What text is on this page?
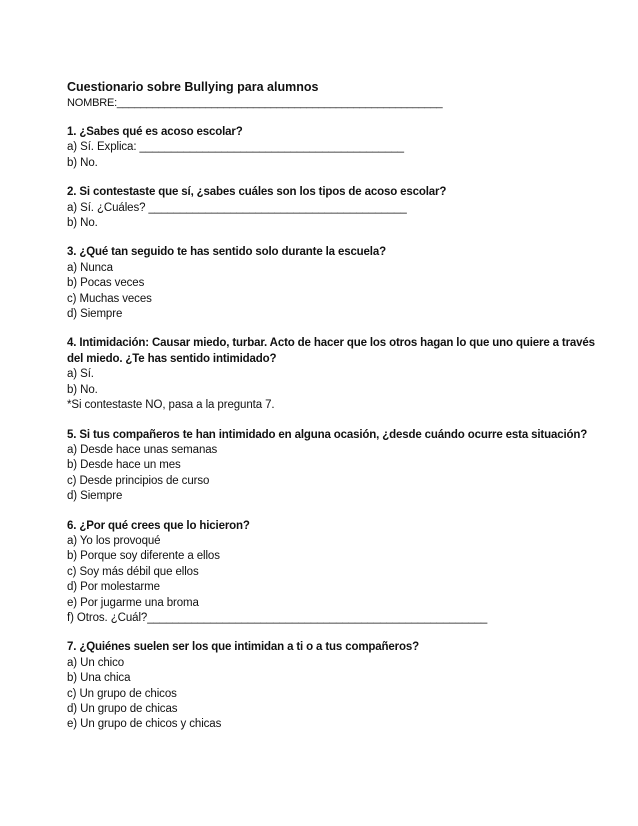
Cuestionario sobre Bullying para alumnos

NOMBRE:_______________________________________________________

1. ¿Sabes qué es acoso escolar?

a) Sí. Explica: __________________________________________

b) No.

2. Si contestaste que sí, ¿sabes cuáles son los tipos de acoso escolar?

a) Sí. ¿Cuáles? _________________________________________

b) No.

3. ¿Qué tan seguido te has sentido solo durante la escuela?

a) Nunca

b) Pocas veces

c) Muchas veces

d) Siempre

4. Intimidación: Causar miedo, turbar. Acto de hacer que los otros hagan lo que uno quiere a través del miedo. ¿Te has sentido intimidado?

a) Sí.

b) No.

*Si contestaste NO, pasa a la pregunta 7.

5. Si tus compañeros te han intimidado en alguna ocasión, ¿desde cuándo ocurre esta situación?

a) Desde hace unas semanas

b) Desde hace un mes

c) Desde principios de curso

d) Siempre

6. ¿Por qué crees que lo hicieron?

a) Yo los provoqué

b) Porque soy diferente a ellos

c) Soy más débil que ellos

d) Por molestarme

e) Por jugarme una broma

f) Otros. ¿Cuál?______________________________________________________

7. ¿Quiénes suelen ser los que intimidan a ti o a tus compañeros?

a) Un chico

b) Una chica

c) Un grupo de chicos

d) Un grupo de chicas

e) Un grupo de chicos y chicas
